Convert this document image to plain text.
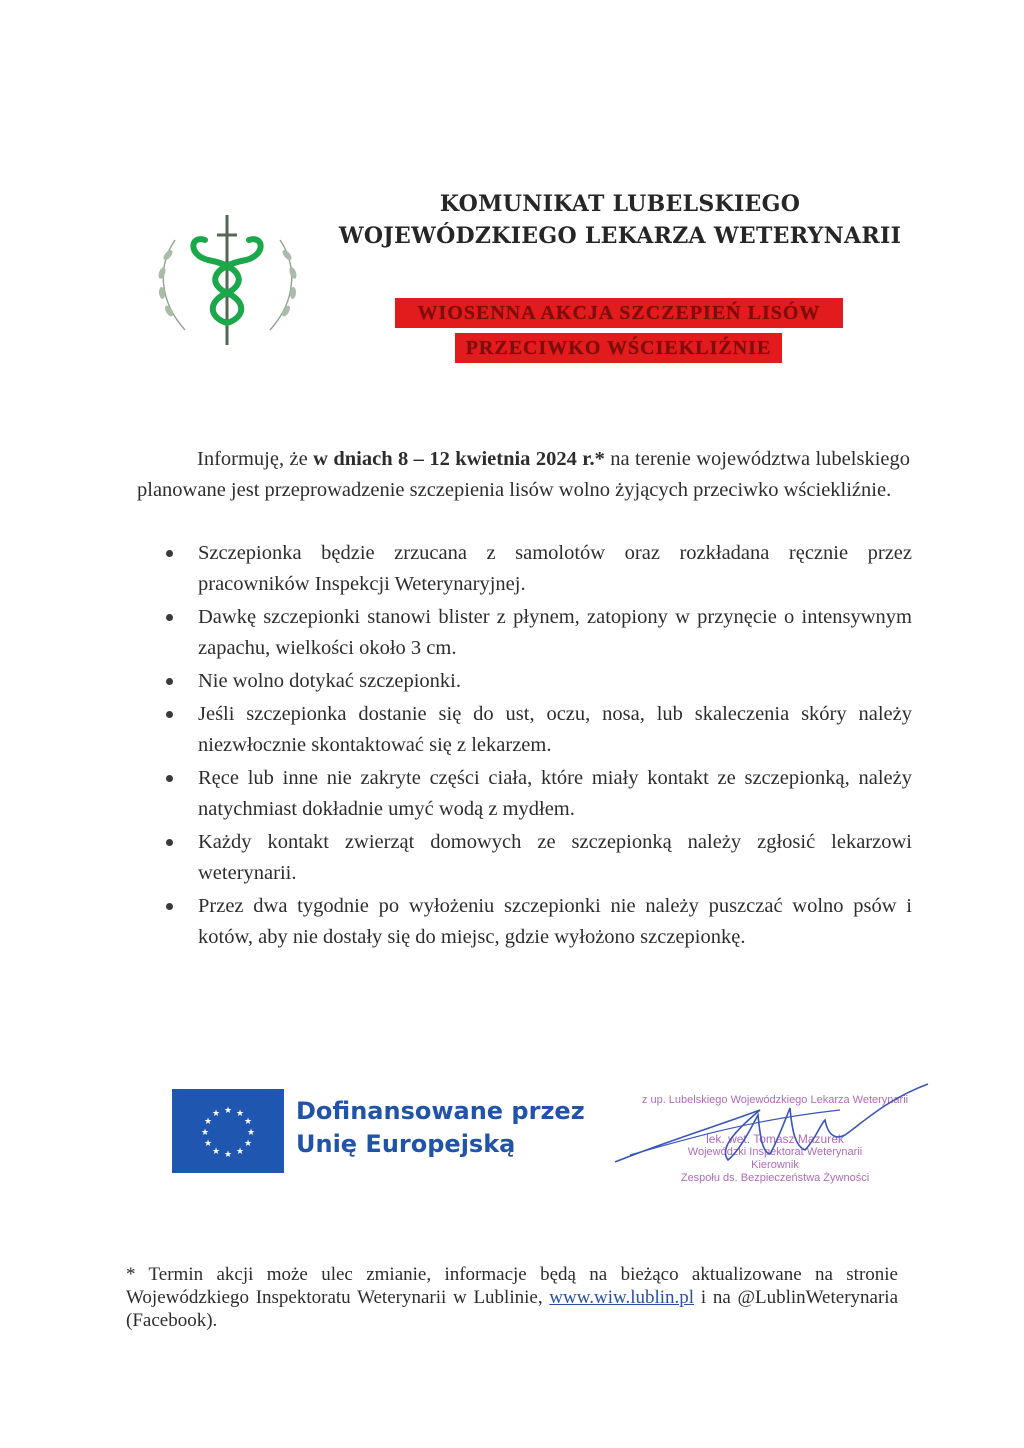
KOMUNIKAT LUBELSKIEGO
WOJEWÓDZKIEGO LEKARZA WETERYNARII
WIOSENNA AKCJA SZCZEPIEŃ LISÓW
PRZECIWKO WŚCIEKLIŹNIE
Informuję, że w dniach 8 – 12 kwietnia 2024 r.* na terenie województwa lubelskiego planowane jest przeprowadzenie szczepienia lisów wolno żyjących przeciwko wściekliźnie.
Szczepionka będzie zrzucana z samolotów oraz rozkładana ręcznie przez pracowników Inspekcji Weterynaryjnej.
Dawkę szczepionki stanowi blister z płynem, zatopiony w przynęcie o intensywnym zapachu, wielkości około 3 cm.
Nie wolno dotykać szczepionki.
Jeśli szczepionka dostanie się do ust, oczu, nosa, lub skaleczenia skóry należy niezwłocznie skontaktować się z lekarzem.
Ręce lub inne nie zakryte części ciała, które miały kontakt ze szczepionką, należy natychmiast dokładnie umyć wodą z mydłem.
Każdy kontakt zwierząt domowych ze szczepionką należy zgłosić lekarzowi weterynarii.
Przez dwa tygodnie po wyłożeniu szczepionki nie należy puszczać wolno psów i kotów, aby nie dostały się do miejsc, gdzie wyłożono szczepionkę.
★ ★
★
★
★
★
★
★
★
★
★
★	Dofinansowane przez
Unię Europejską
z up. Lubelskiego Wojewódzkiego Lekarza Weterynarii
lek. wet. Tomasz Mazurek
Wojewódzki Inspektorat Weterynarii
Kierownik
Zespołu ds. Bezpieczeństwa Żywności
* Termin akcji może ulec zmianie, informacje będą na bieżąco aktualizowane na stronie Wojewódzkiego Inspektoratu Weterynarii w Lublinie, www.wiw.lublin.pl i na @LublinWeterynaria (Facebook).
